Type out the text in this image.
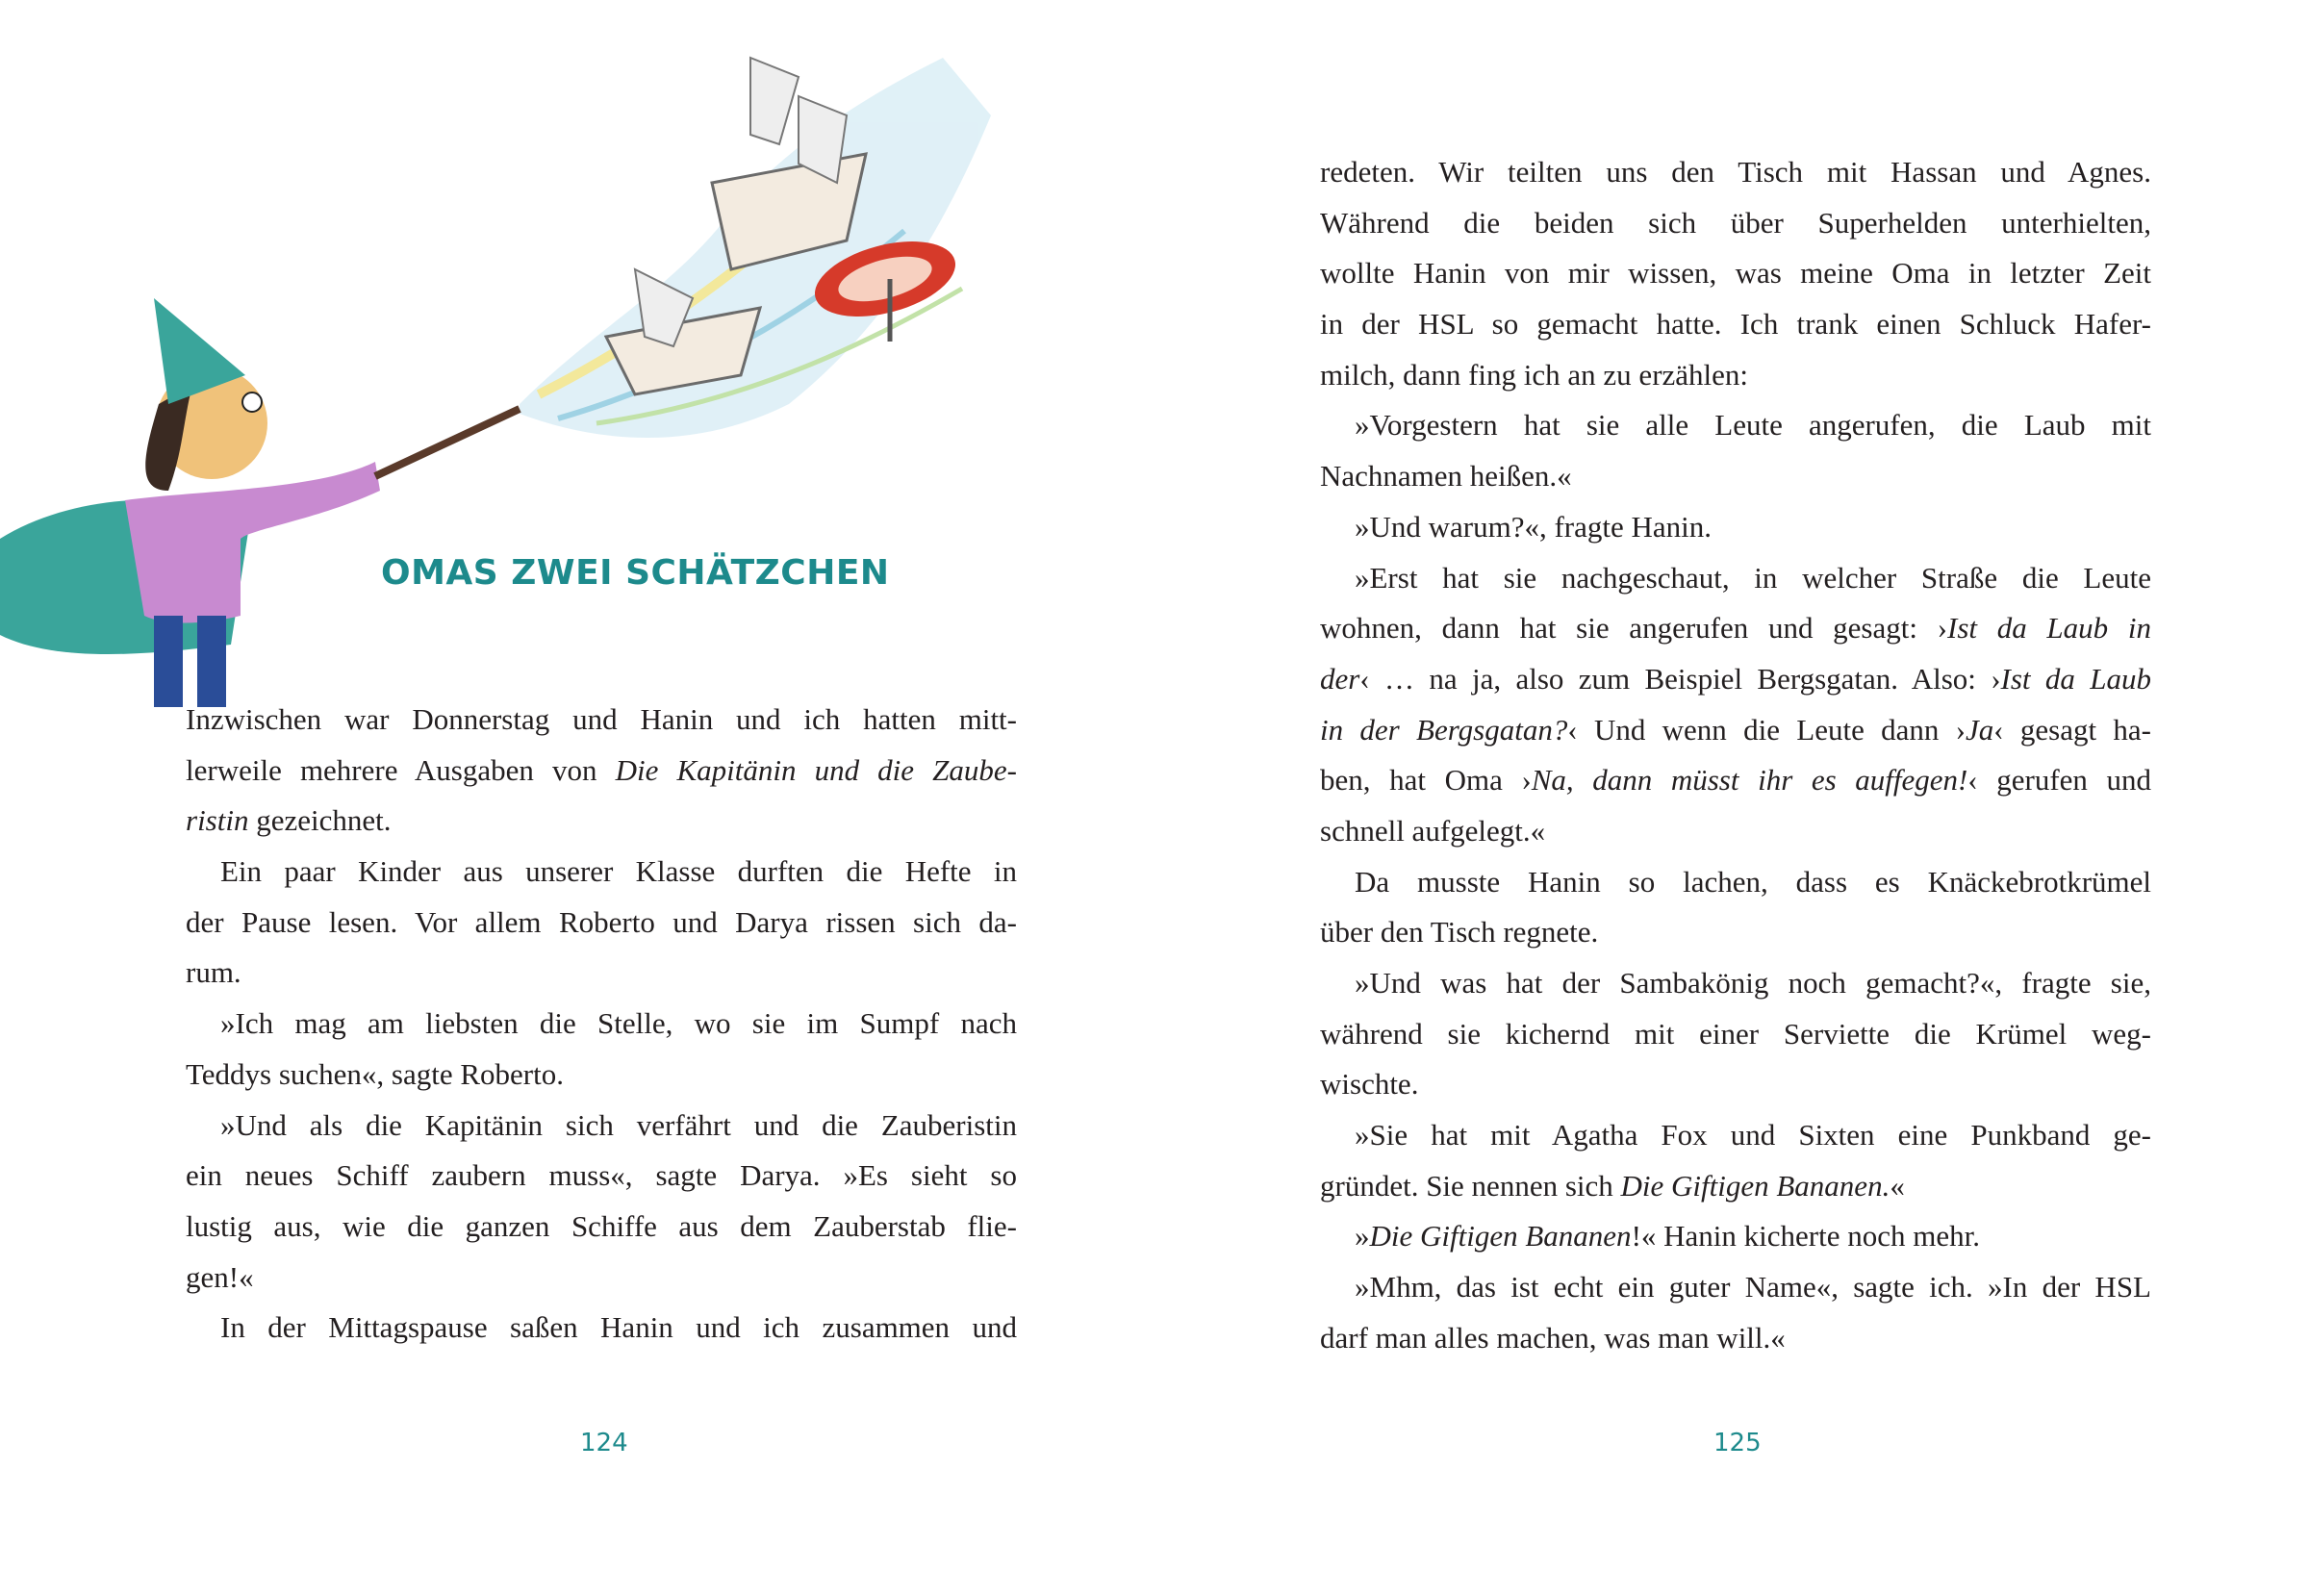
OMAS ZWEI SCHÄTZCHEN
Inzwischen war Donnerstag und Hanin und ich hatten mitt-
lerweile mehrere Ausgaben von Die Kapitänin und die Zaube-
ristin gezeichnet.
Ein paar Kinder aus unserer Klasse durften die Hefte in
der Pause lesen. Vor allem Roberto und Darya rissen sich da-
rum.
»Ich mag am liebsten die Stelle, wo sie im Sumpf nach
Teddys suchen«, sagte Roberto.
»Und als die Kapitänin sich verfährt und die Zauberistin
ein neues Schiff zaubern muss«, sagte Darya. »Es sieht so
lustig aus, wie die ganzen Schiffe aus dem Zauberstab flie-
gen!«
In der Mittagspause saßen Hanin und ich zusammen und
124	125
redeten. Wir teilten uns den Tisch mit Hassan und Agnes.
Während die beiden sich über Superhelden unterhielten,
wollte Hanin von mir wissen, was meine Oma in letzter Zeit
in der HSL so gemacht hatte. Ich trank einen Schluck Hafer-
milch, dann fing ich an zu erzählen:
»Vorgestern hat sie alle Leute angerufen, die Laub mit
Nachnamen heißen.«
»Und warum?«, fragte Hanin.
»Erst hat sie nachgeschaut, in welcher Straße die Leute
wohnen, dann hat sie angerufen und gesagt: ›Ist da Laub in
der‹ … na ja, also zum Beispiel Bergsgatan. Also: ›Ist da Laub
in der Bergsgatan?‹ Und wenn die Leute dann ›Ja‹ gesagt ha-
ben, hat Oma ›Na, dann müsst ihr es auffegen!‹ gerufen und
schnell aufgelegt.«
Da musste Hanin so lachen, dass es Knäckebrotkrümel
über den Tisch regnete.
»Und was hat der Sambakönig noch gemacht?«, fragte sie,
während sie kichernd mit einer Serviette die Krümel weg-
wischte.
»Sie hat mit Agatha Fox und Sixten eine Punkband ge-
gründet. Sie nennen sich Die Giftigen Bananen.«
»Die Giftigen Bananen!« Hanin kicherte noch mehr.
»Mhm, das ist echt ein guter Name«, sagte ich. »In der HSL
darf man alles machen, was man will.«
